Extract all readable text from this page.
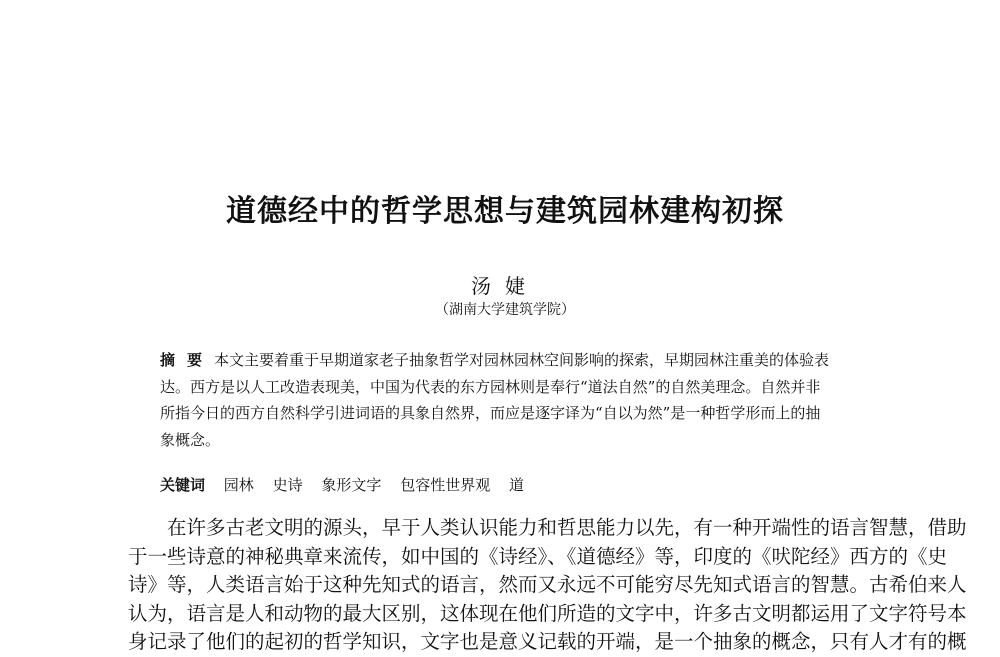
道德经中的哲学思想与建筑园林建构初探
汤婕
（湖南大学建筑学院）
摘要本文主要着重于早期道家老子抽象哲学对园林园林空间影响的探索，早期园林注重美的体验表
达。西方是以人工改造表现美，中国为代表的东方园林则是奉行“道法自然”的自然美理念。自然并非
所指今日的西方自然科学引进词语的具象自然界，而应是逐字译为“自以为然”是一种哲学形而上的抽
象概念。
关键词 园林 史诗 象形文字 包容性世界观 道
　　在许多古老文明的源头，早于人类认识能力和哲思能力以先，有一种开端性的语言智慧，借助
于一些诗意的神秘典章来流传，如中国的《诗经》、《道德经》等，印度的《吠陀经》西方的《史
诗》等，人类语言始于这种先知式的语言，然而又永远不可能穷尽先知式语言的智慧。古希伯来人
认为，语言是人和动物的最大区别，这体现在他们所造的文字中，许多古文明都运用了文字符号本
身记录了他们的起初的哲学知识，文字也是意义记载的开端，是一个抽象的概念，只有人才有的概
